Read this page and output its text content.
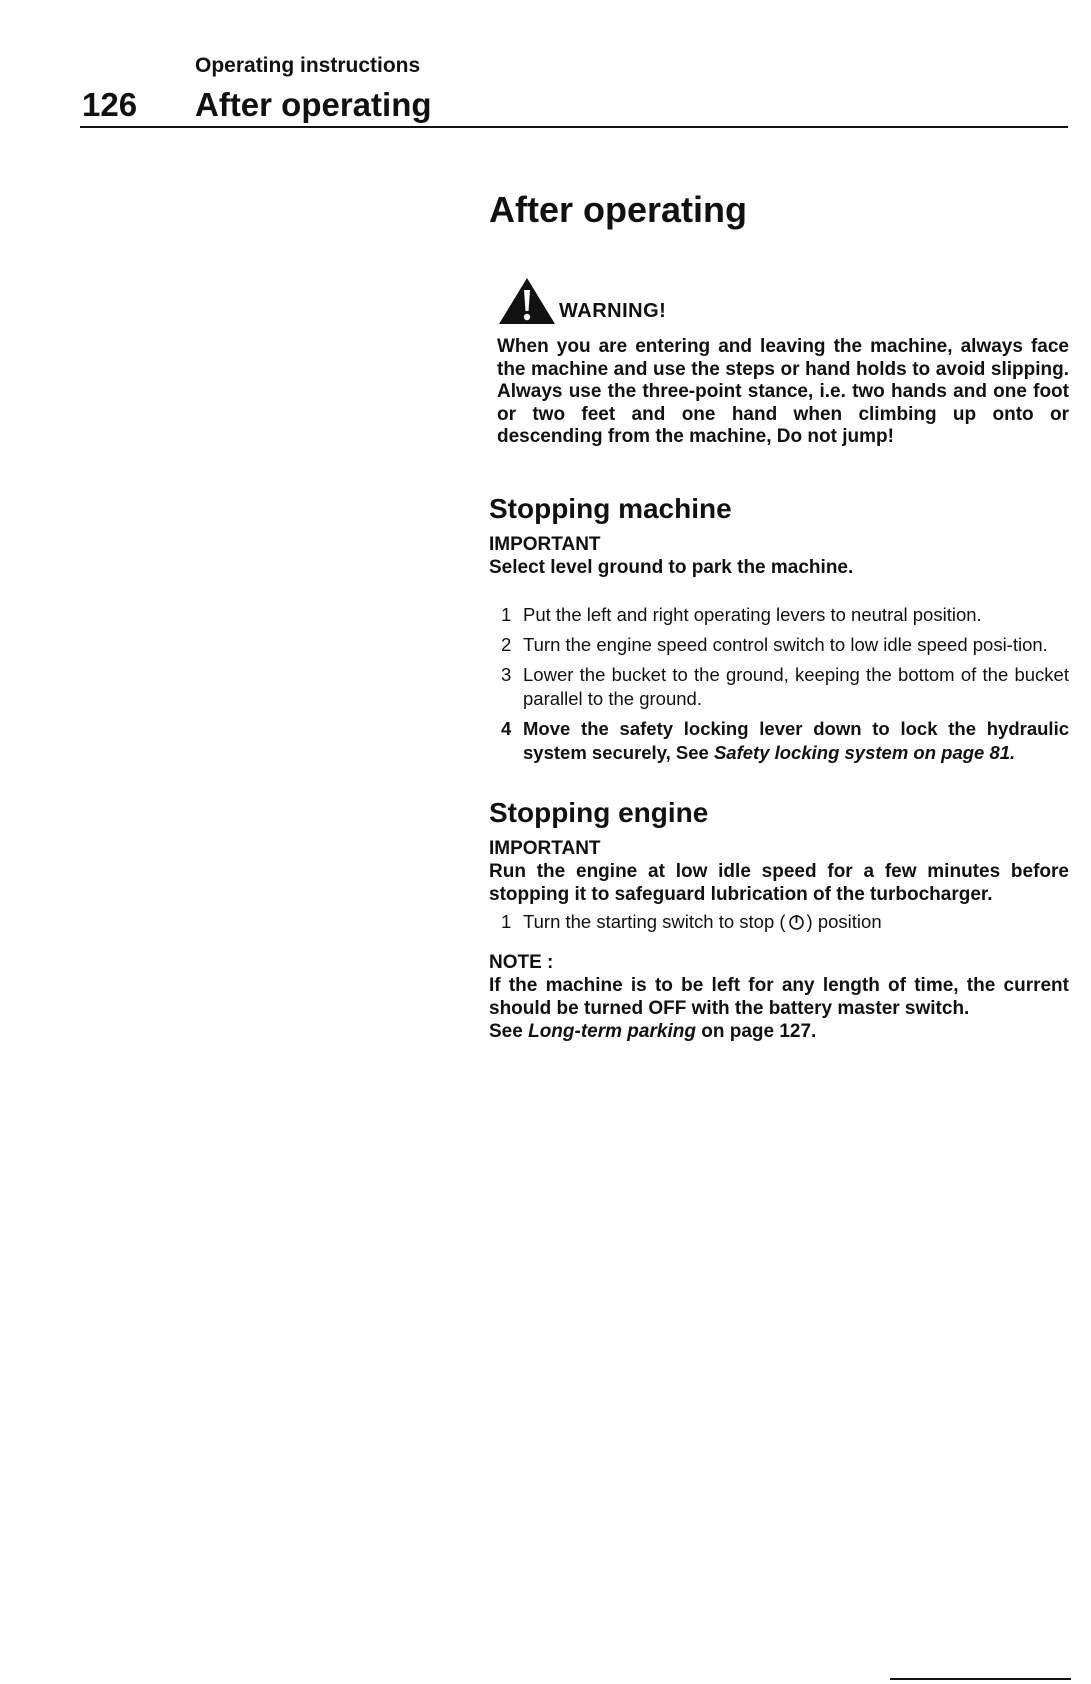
Operating instructions
126 After operating
After operating
WARNING!

When you are entering and leaving the machine, always face the machine and use the steps or hand holds to avoid slipping. Always use the three-point stance, i.e. two hands and one foot or two feet and one hand when climbing up onto or descending from the machine, Do not jump!

Stopping machine
IMPORTANT

Select level ground to park the machine.

1 Put the left and right operating levers to neutral position.
2 Turn the engine speed control switch to low idle speed posi-tion.
3 Lower the bucket to the ground, keeping the bottom of the bucket parallel to the ground.
4 Move the safety locking lever down to lock the hydraulic system securely, See Safety locking system on page 81.
Stopping engine
IMPORTANT

Run the engine at low idle speed for a few minutes before stopping it to safeguard lubrication of the turbocharger.

1 Turn the starting switch to stop ( ) position
NOTE :
If the machine is to be left for any length of time, the current should be turned OFF with the battery master switch.
See Long-term parking on page 127.
